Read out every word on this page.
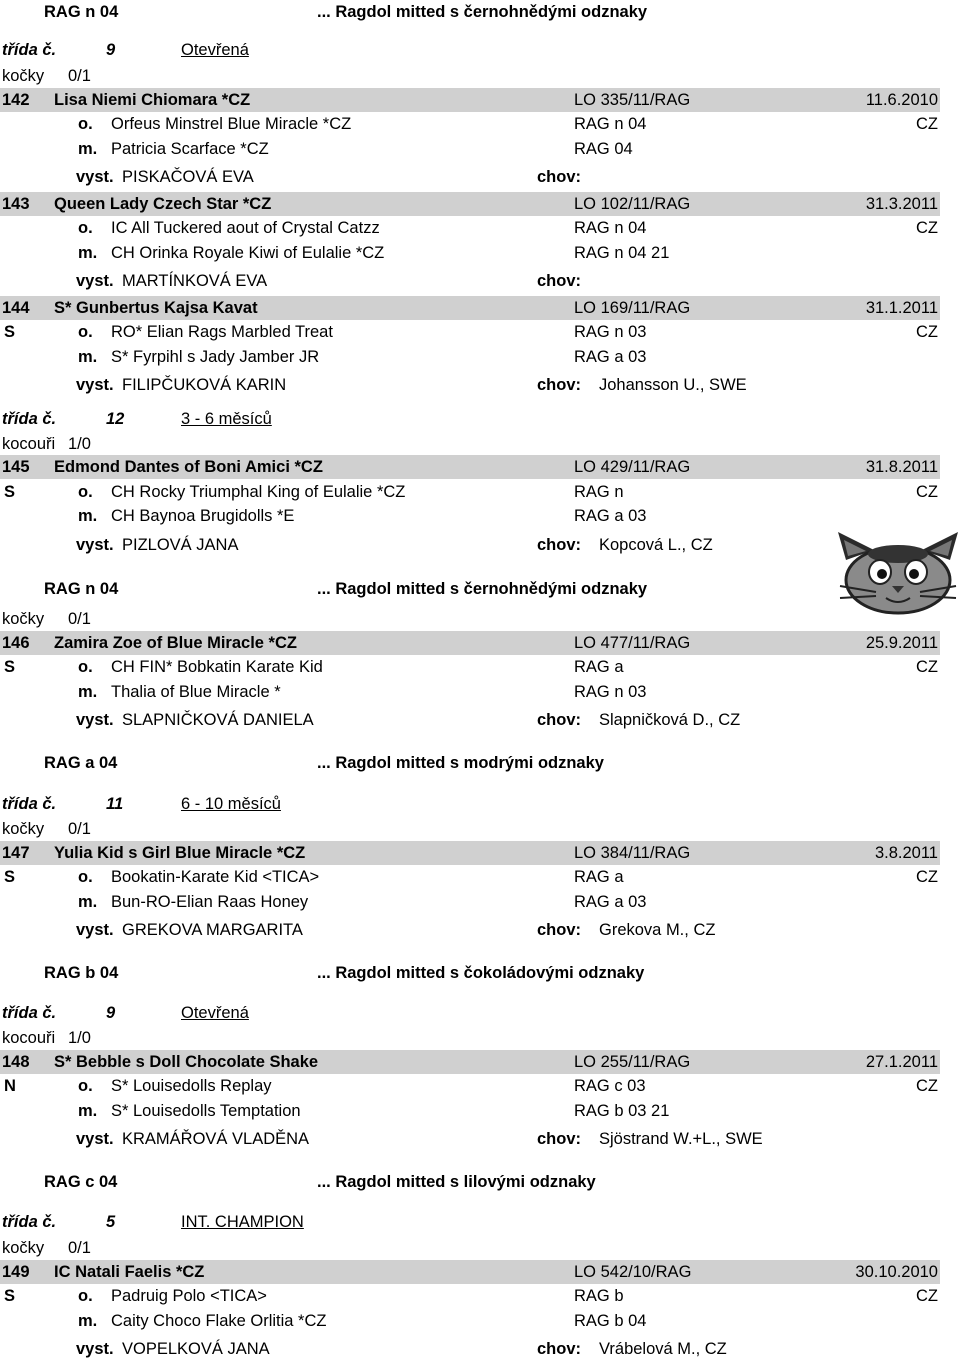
RAG n 04	... Ragdol mitted s černohnědými odznaky
třída č.	9	Otevřená
kočky 0/1
142 Lisa Niemi Chiomara *CZ	LO 335/11/RAG	11.6.2010
o. Orfeus Minstrel Blue Miracle *CZ	RAG n 04	CZ
m. Patricia Scarface *CZ	RAG 04
vyst. PISKAČOVÁ EVA	chov:
143 Queen Lady Czech Star *CZ	LO 102/11/RAG	31.3.2011
o. IC All Tuckered aout of Crystal Catzz	RAG n 04	CZ
m. CH Orinka Royale Kiwi of Eulalie *CZ	RAG n 04 21
vyst. MARTÍNKOVÁ EVA	chov:
144 S* Gunbertus Kajsa Kavat	LO 169/11/RAG	31.1.2011
S	o. RO* Elian Rags Marbled Treat	RAG n 03	CZ
m. S* Fyrpihl s Jady Jamber JR	RAG a 03
vyst. FILIPČUKOVÁ KARIN	chov: Johansson U., SWE
třída č.	12	3 - 6 měsíců
kocouři 1/0
145 Edmond Dantes of Boni Amici *CZ	LO 429/11/RAG	31.8.2011
S	o. CH Rocky Triumphal King of Eulalie *CZ	RAG n	CZ
m. CH Baynoa Brugidolls *E	RAG a 03
vyst. PIZLOVÁ JANA	chov: Kopcová L., CZ
RAG n 04	... Ragdol mitted s černohnědými odznaky
kočky 0/1
146 Zamira Zoe of Blue Miracle *CZ	LO 477/11/RAG	25.9.2011
S	o. CH FIN* Bobkatin Karate Kid	RAG a	CZ
m. Thalia of Blue Miracle *	RAG n 03
vyst. SLAPNIČKOVÁ DANIELA	chov: Slapničková D., CZ
RAG a 04	... Ragdol mitted s modrými odznaky
třída č.	11	6 - 10 měsíců
kočky 0/1
147 Yulia Kid s Girl Blue Miracle *CZ	LO 384/11/RAG	3.8.2011
S	o. Bookatin-Karate Kid <TICA>	RAG a	CZ
m. Bun-RO-Elian Raas Honey	RAG a 03
vyst. GREKOVA MARGARITA	chov: Grekova M., CZ
RAG b 04	... Ragdol mitted s čokoládovými odznaky
třída č.	9	Otevřená
kocouři 1/0
148 S* Bebble s Doll Chocolate Shake	LO 255/11/RAG	27.1.2011
N	o. S* Louisedolls Replay	RAG c 03	CZ
m. S* Louisedolls Temptation	RAG b 03 21
vyst. KRAMÁŘOVÁ VLADĚNA	chov: Sjöstrand W.+L., SWE
RAG c 04	... Ragdol mitted s lilovými odznaky
třída č.	5	INT. CHAMPION
kočky 0/1
149 IC Natali Faelis *CZ	LO 542/10/RAG	30.10.2010
S	o. Padruig Polo <TICA>	RAG b	CZ
m. Caity Choco Flake Orlitia *CZ	RAG b 04
vyst. VOPELKOVÁ JANA	chov: Vrábelová M., CZ
